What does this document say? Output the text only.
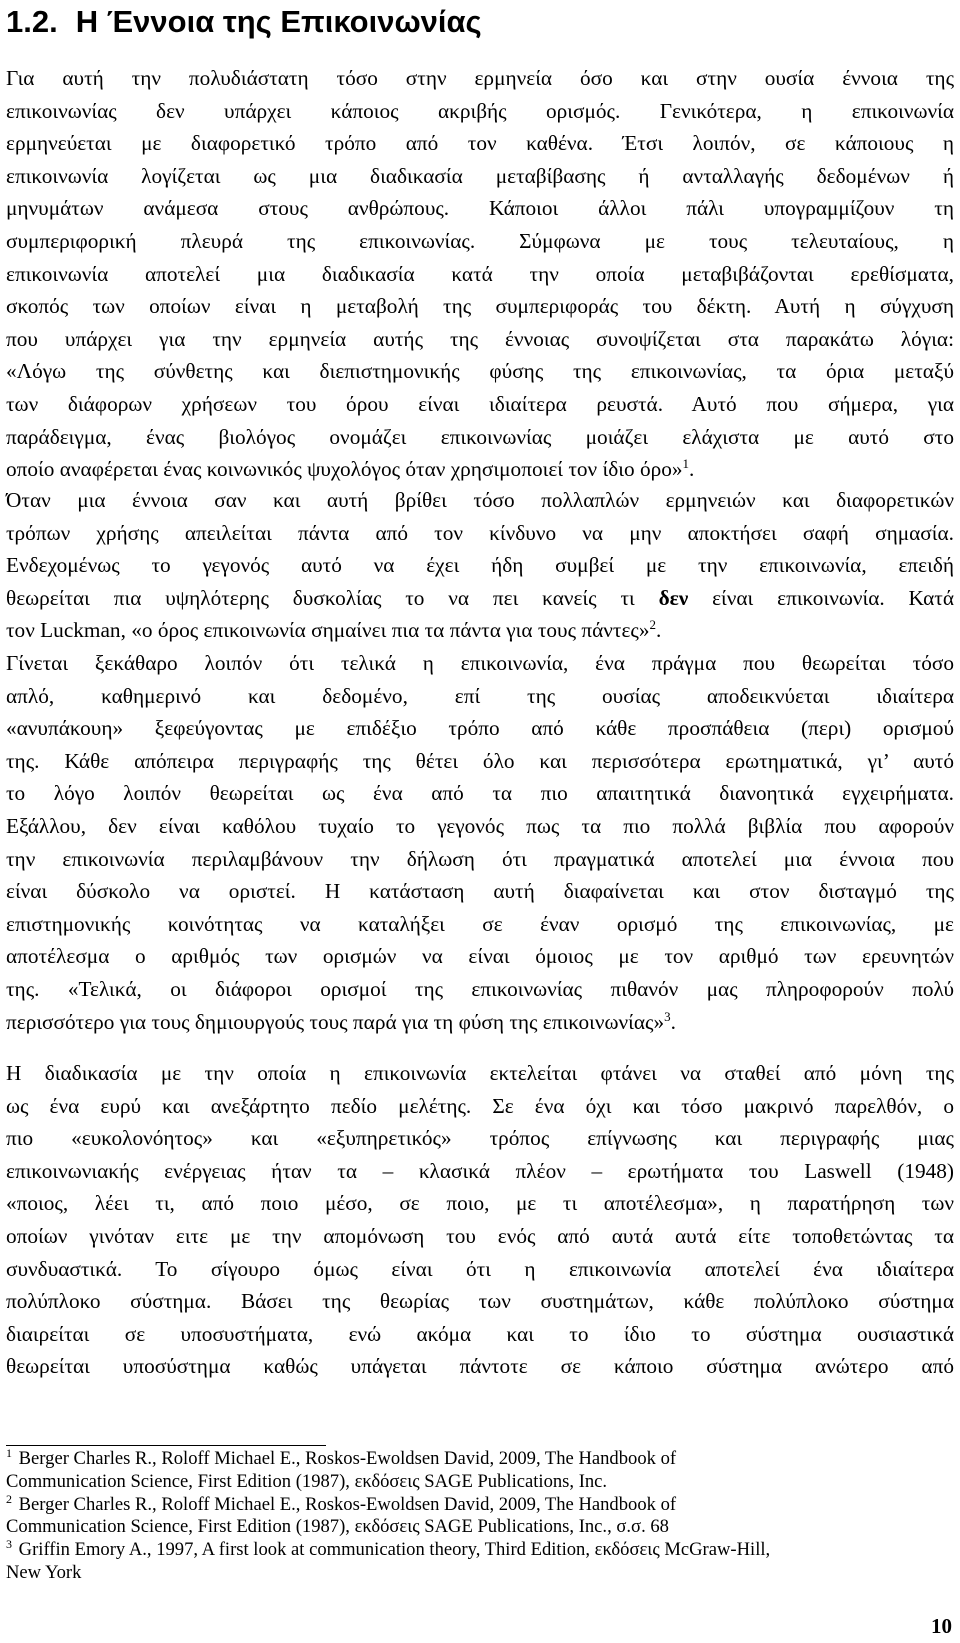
1.2. Η Έννοια της Επικοινωνίας
Για αυτή την πολυδιάστατη τόσο στην ερμηνεία όσο και στην ουσία έννοια της
επικοινωνίας δεν υπάρχει κάποιος ακριβής ορισμός. Γενικότερα, η επικοινωνία
ερμηνεύεται με διαφορετικό τρόπο από τον καθένα. Έτσι λοιπόν, σε κάποιους η
επικοινωνία λογίζεται ως μια διαδικασία μεταβίβασης ή ανταλλαγής δεδομένων ή
μηνυμάτων ανάμεσα στους ανθρώπους. Κάποιοι άλλοι πάλι υπογραμμίζουν τη
συμπεριφορική πλευρά της επικοινωνίας. Σύμφωνα με τους τελευταίους, η
επικοινωνία αποτελεί μια διαδικασία κατά την οποία μεταβιβάζονται ερεθίσματα,
σκοπός των οποίων είναι η μεταβολή της συμπεριφοράς του δέκτη. Αυτή η σύγχυση
που υπάρχει για την ερμηνεία αυτής της έννοιας συνοψίζεται στα παρακάτω λόγια:
«Λόγω της σύνθετης και διεπιστημονικής φύσης της επικοινωνίας, τα όρια μεταξύ
των διάφορων χρήσεων του όρου είναι ιδιαίτερα ρευστά. Αυτό που σήμερα, για
παράδειγμα, ένας βιολόγος ονομάζει επικοινωνίας μοιάζει ελάχιστα με αυτό στο
οποίο αναφέρεται ένας κοινωνικός ψυχολόγος όταν χρησιμοποιεί τον ίδιο όρο»$^1$.
Όταν μια έννοια σαν και αυτή βρίθει τόσο πολλαπλών ερμηνειών και διαφορετικών
τρόπων χρήσης απειλείται πάντα από τον κίνδυνο να μην αποκτήσει σαφή σημασία.
Ενδεχομένως το γεγονός αυτό να έχει ήδη συμβεί με την επικοινωνία, επειδή
θεωρείται πια υψηλότερης δυσκολίας το να πει κανείς τι δεν είναι επικοινωνία. Κατά
τον Luckman, «ο όρος επικοινωνία σημαίνει πια τα πάντα για τους πάντες»$^2$.
Γίνεται ξεκάθαρο λοιπόν ότι τελικά η επικοινωνία, ένα πράγμα που θεωρείται τόσο
απλό, καθημερινό και δεδομένο, επί της ουσίας αποδεικνύεται ιδιαίτερα
«ανυπάκουη» ξεφεύγοντας με επιδέξιο τρόπο από κάθε προσπάθεια (περι) ορισμού
της. Κάθε απόπειρα περιγραφής της θέτει όλο και περισσότερα ερωτηματικά, γι’ αυτό
το λόγο λοιπόν θεωρείται ως ένα από τα πιο απαιτητικά διανοητικά εγχειρήματα.
Εξάλλου, δεν είναι καθόλου τυχαίο το γεγονός πως τα πιο πολλά βιβλία που αφορούν
την επικοινωνία περιλαμβάνουν την δήλωση ότι πραγματικά αποτελεί μια έννοια που
είναι δύσκολο να οριστεί. Η κατάσταση αυτή διαφαίνεται και στον δισταγμό της
επιστημονικής κοινότητας να καταλήξει σε έναν ορισμό της επικοινωνίας, με
αποτέλεσμα ο αριθμός των ορισμών να είναι όμοιος με τον αριθμό των ερευνητών
της. «Τελικά, οι διάφοροι ορισμοί της επικοινωνίας πιθανόν μας πληροφορούν πολύ
περισσότερο για τους δημιουργούς τους παρά για τη φύση της επικοινωνίας»$^3$.
Η διαδικασία με την οποία η επικοινωνία εκτελείται φτάνει να σταθεί από μόνη της
ως ένα ευρύ και ανεξάρτητο πεδίο μελέτης. Σε ένα όχι και τόσο μακρινό παρελθόν, ο
πιο «ευκολονόητος» και «εξυπηρετικός» τρόπος επίγνωσης και περιγραφής μιας
επικοινωνιακής ενέργειας ήταν τα – κλασικά πλέον – ερωτήματα του Laswell (1948)
«ποιος, λέει τι, από ποιο μέσο, σε ποιο, με τι αποτέλεσμα», η παρατήρηση των
οποίων γινόταν ειτε με την απομόνωση του ενός από αυτά αυτά είτε τοποθετώντας τα
συνδυαστικά. Το σίγουρο όμως είναι ότι η επικοινωνία αποτελεί ένα ιδιαίτερα
πολύπλοκο σύστημα. Βάσει της θεωρίας των συστημάτων, κάθε πολύπλοκο σύστημα
διαιρείται σε υποσυστήματα, ενώ ακόμα και το ίδιο το σύστημα ουσιαστικά
θεωρείται υποσύστημα καθώς υπάγεται πάντοτε σε κάποιο σύστημα ανώτερο από
$^1$ Berger Charles R., Roloff Michael E., Roskos-Ewoldsen David, 2009, The Handbook of
Communication Science, First Edition (1987), εκδόσεις SAGE Publications, Inc.
$^2$ Berger Charles R., Roloff Michael E., Roskos-Ewoldsen David, 2009, The Handbook of
Communication Science, First Edition (1987), εκδόσεις SAGE Publications, Inc., σ.σ. 68
$^3$ Griffin Emory A., 1997, A first look at communication theory, Third Edition, εκδόσεις McGraw-Hill,
New York
10
